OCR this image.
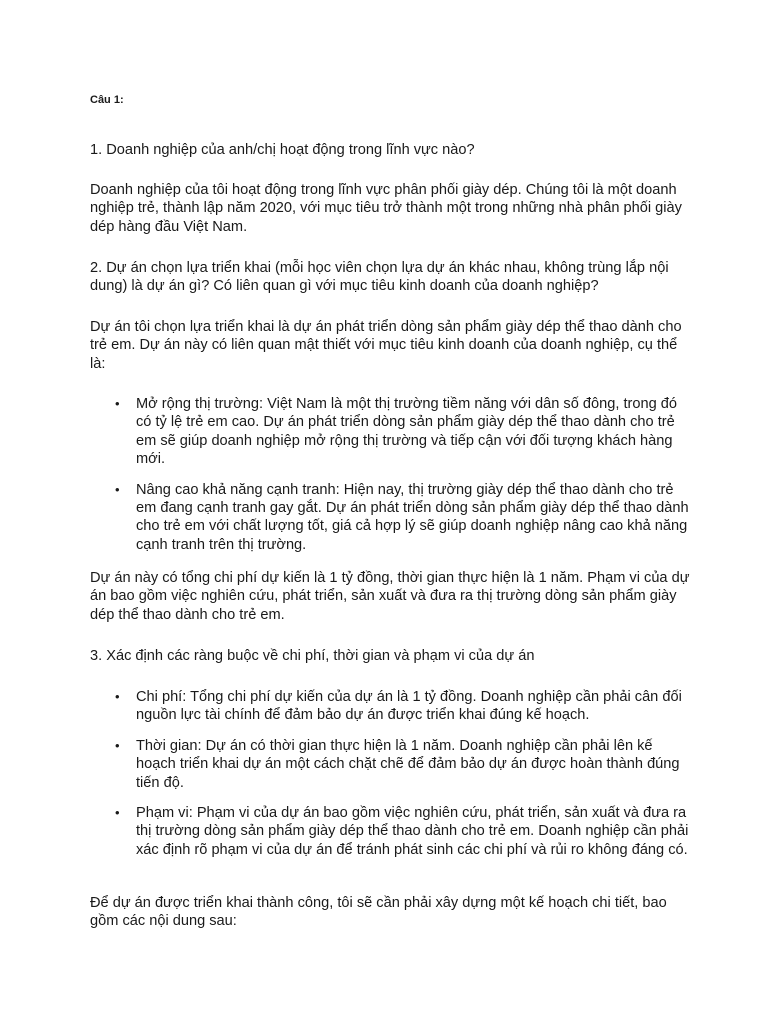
Câu 1:

1. Doanh nghiệp của anh/chị hoạt động trong lĩnh vực nào?

Doanh nghiệp của tôi hoạt động trong lĩnh vực phân phối giày dép. Chúng tôi là một doanh nghiệp trẻ, thành lập năm 2020, với mục tiêu trở thành một trong những nhà phân phối giày dép hàng đầu Việt Nam.

2. Dự án chọn lựa triển khai (mỗi học viên chọn lựa dự án khác nhau, không trùng lắp nội dung) là dự án gì? Có liên quan gì với mục tiêu kinh doanh của doanh nghiệp?

Dự án tôi chọn lựa triển khai là dự án phát triển dòng sản phẩm giày dép thể thao dành cho trẻ em. Dự án này có liên quan mật thiết với mục tiêu kinh doanh của doanh nghiệp, cụ thể là:

• Mở rộng thị trường: Việt Nam là một thị trường tiềm năng với dân số đông, trong đó có tỷ lệ trẻ em cao. Dự án phát triển dòng sản phẩm giày dép thể thao dành cho trẻ em sẽ giúp doanh nghiệp mở rộng thị trường và tiếp cận với đối tượng khách hàng mới.
• Nâng cao khả năng cạnh tranh: Hiện nay, thị trường giày dép thể thao dành cho trẻ em đang cạnh tranh gay gắt. Dự án phát triển dòng sản phẩm giày dép thể thao dành cho trẻ em với chất lượng tốt, giá cả hợp lý sẽ giúp doanh nghiệp nâng cao khả năng cạnh tranh trên thị trường.

Dự án này có tổng chi phí dự kiến là 1 tỷ đồng, thời gian thực hiện là 1 năm. Phạm vi của dự án bao gồm việc nghiên cứu, phát triển, sản xuất và đưa ra thị trường dòng sản phẩm giày dép thể thao dành cho trẻ em.

3. Xác định các ràng buộc về chi phí, thời gian và phạm vi của dự án

• Chi phí: Tổng chi phí dự kiến của dự án là 1 tỷ đồng. Doanh nghiệp cần phải cân đối nguồn lực tài chính để đảm bảo dự án được triển khai đúng kế hoạch.
• Thời gian: Dự án có thời gian thực hiện là 1 năm. Doanh nghiệp cần phải lên kế hoạch triển khai dự án một cách chặt chẽ để đảm bảo dự án được hoàn thành đúng tiến độ.
• Phạm vi: Phạm vi của dự án bao gồm việc nghiên cứu, phát triển, sản xuất và đưa ra thị trường dòng sản phẩm giày dép thể thao dành cho trẻ em. Doanh nghiệp cần phải xác định rõ phạm vi của dự án để tránh phát sinh các chi phí và rủi ro không đáng có.

Để dự án được triển khai thành công, tôi sẽ cần phải xây dựng một kế hoạch chi tiết, bao gồm các nội dung sau:
